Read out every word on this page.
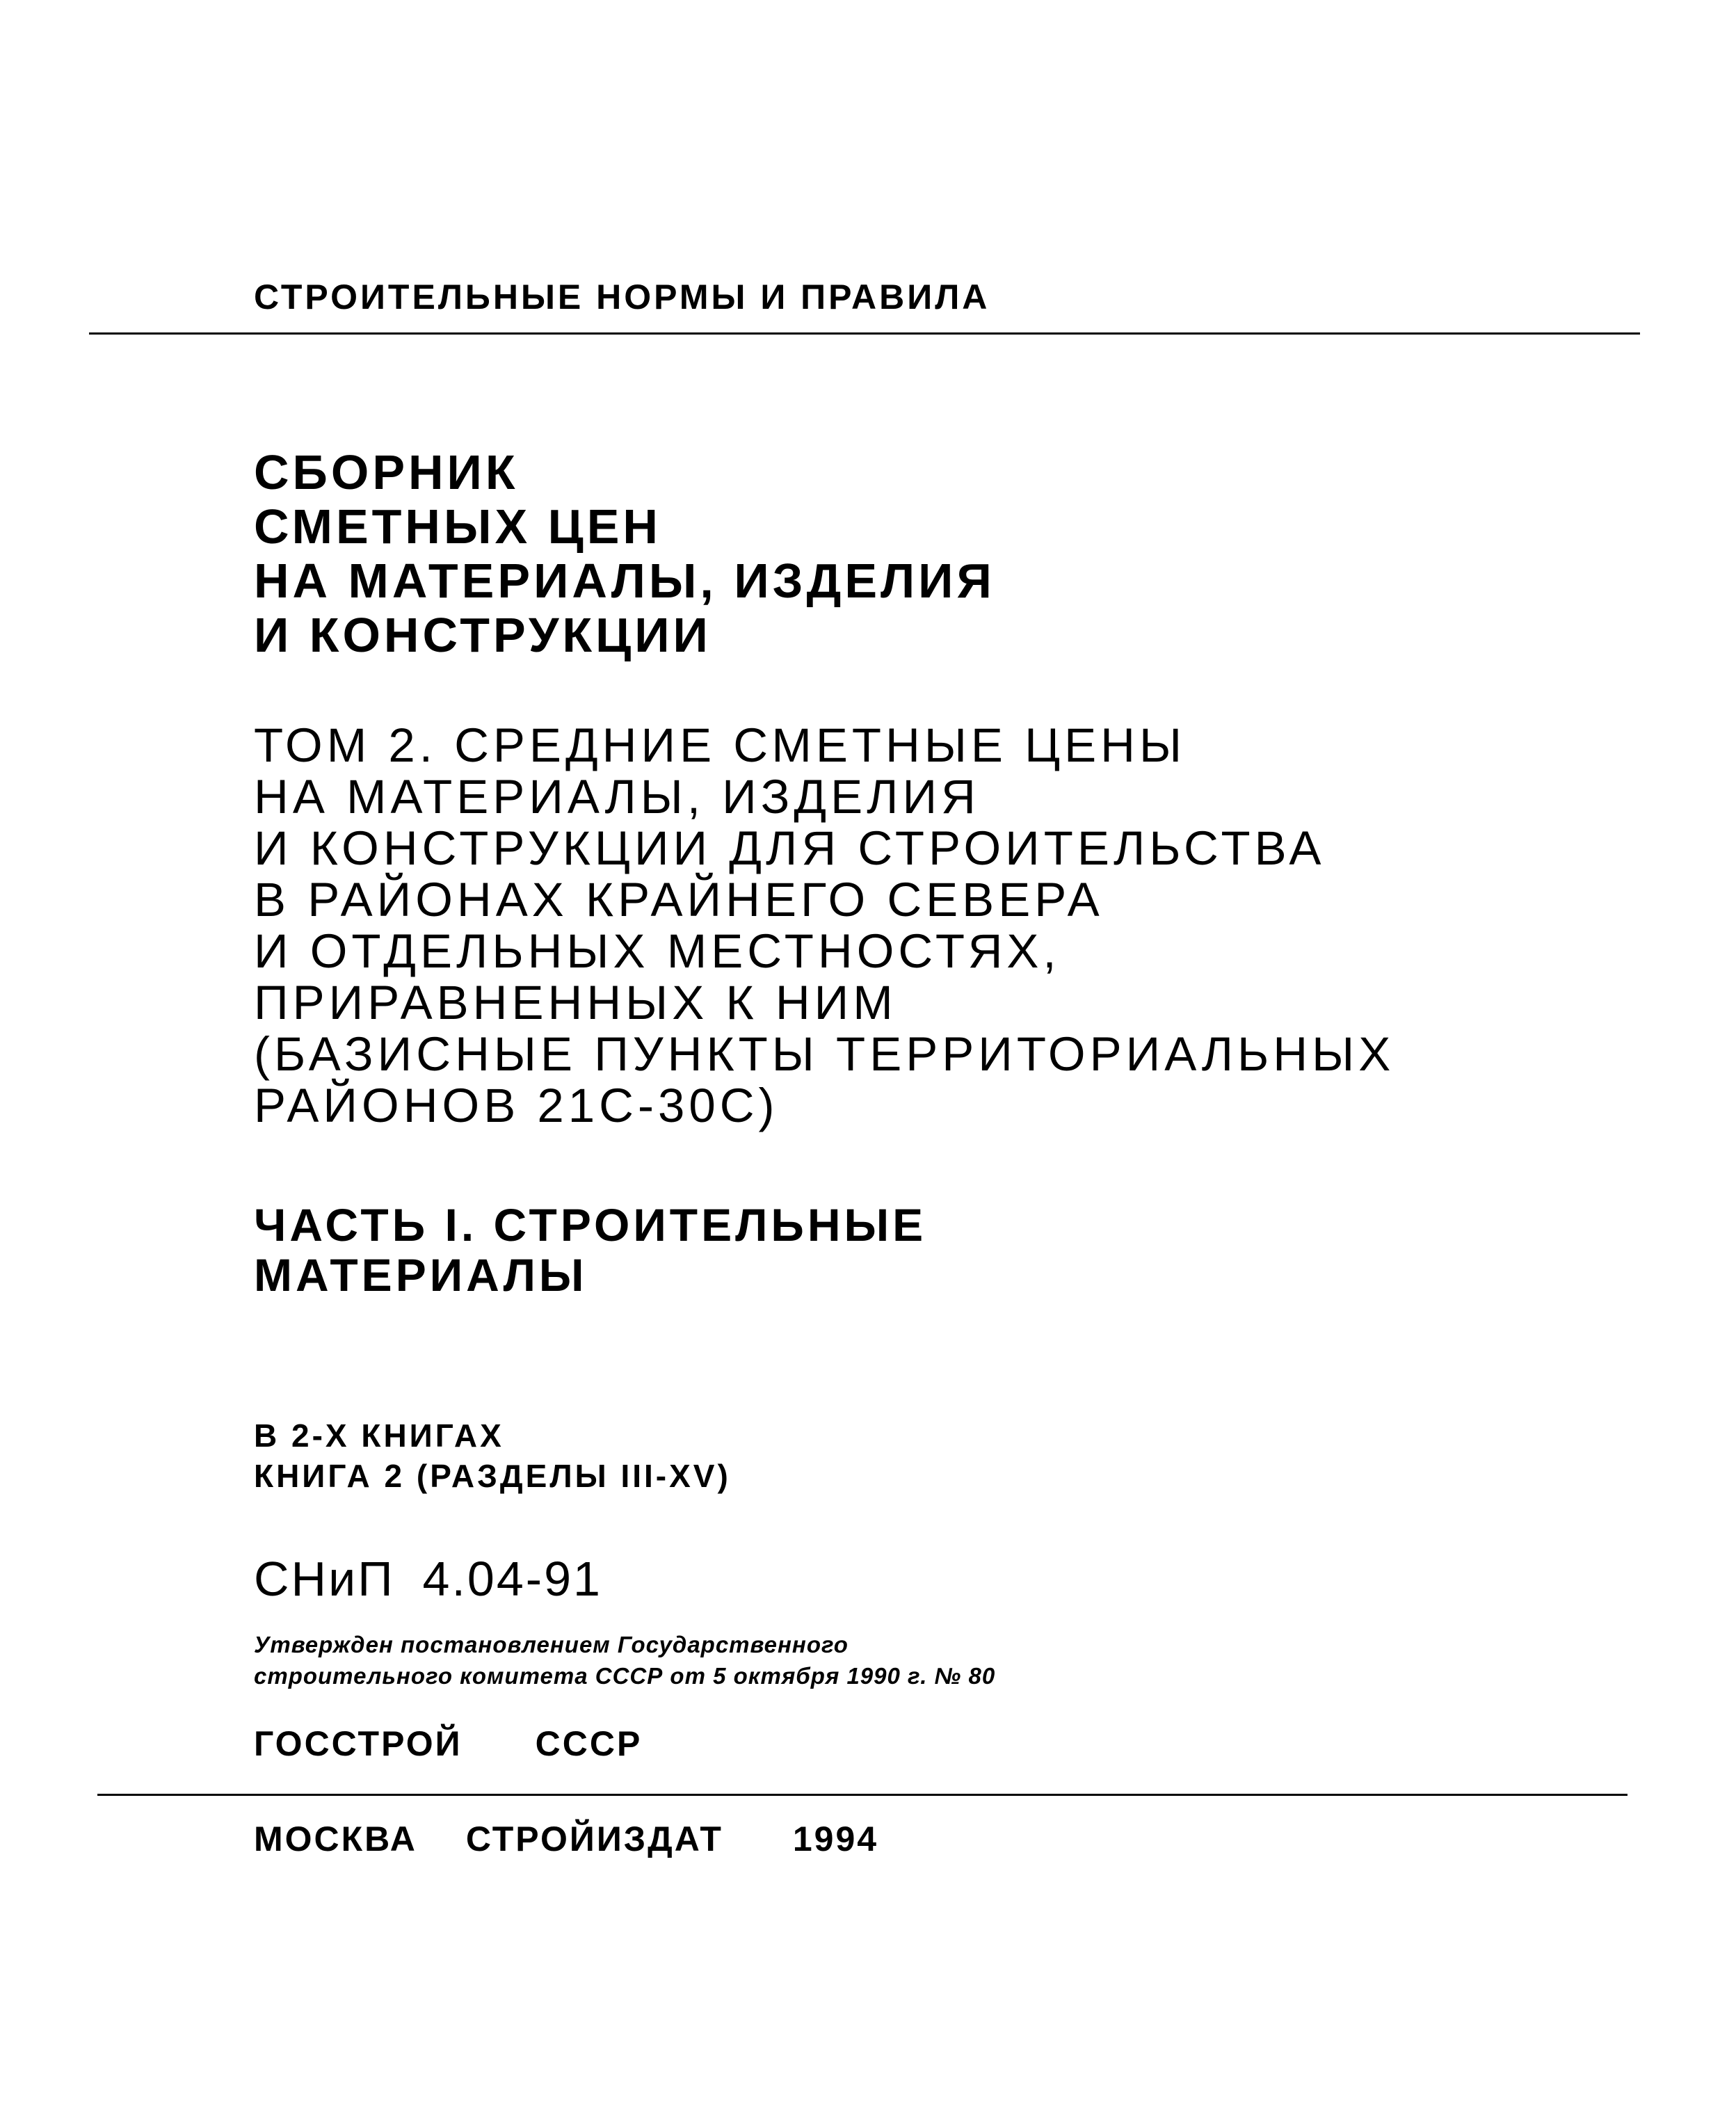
СТРОИТЕЛЬНЫЕ НОРМЫ И ПРАВИЛА
СБОРНИК
СМЕТНЫХ ЦЕН
НА МАТЕРИАЛЫ, ИЗДЕЛИЯ
И КОНСТРУКЦИИ
ТОМ 2. СРЕДНИЕ СМЕТНЫЕ ЦЕНЫ
НА МАТЕРИАЛЫ, ИЗДЕЛИЯ
И КОНСТРУКЦИИ ДЛЯ СТРОИТЕЛЬСТВА
В РАЙОНАХ КРАЙНЕГО СЕВЕРА
И ОТДЕЛЬНЫХ МЕСТНОСТЯХ,
ПРИРАВНЕННЫХ К НИМ
(БАЗИСНЫЕ ПУНКТЫ ТЕРРИТОРИАЛЬНЫХ
РАЙОНОВ 21С-30С)
ЧАСТЬ I. СТРОИТЕЛЬНЫЕ
МАТЕРИАЛЫ
В 2-Х КНИГАХ
КНИГА 2 (РАЗДЕЛЫ III-XV)
СНиП 4.04-91
Утвержден постановлением Государственного
строительного комитета СССР от 5 октября 1990 г. № 80
ГОССТРОЙ СССР
МОСКВА СТРОЙИЗДАТ 1994
